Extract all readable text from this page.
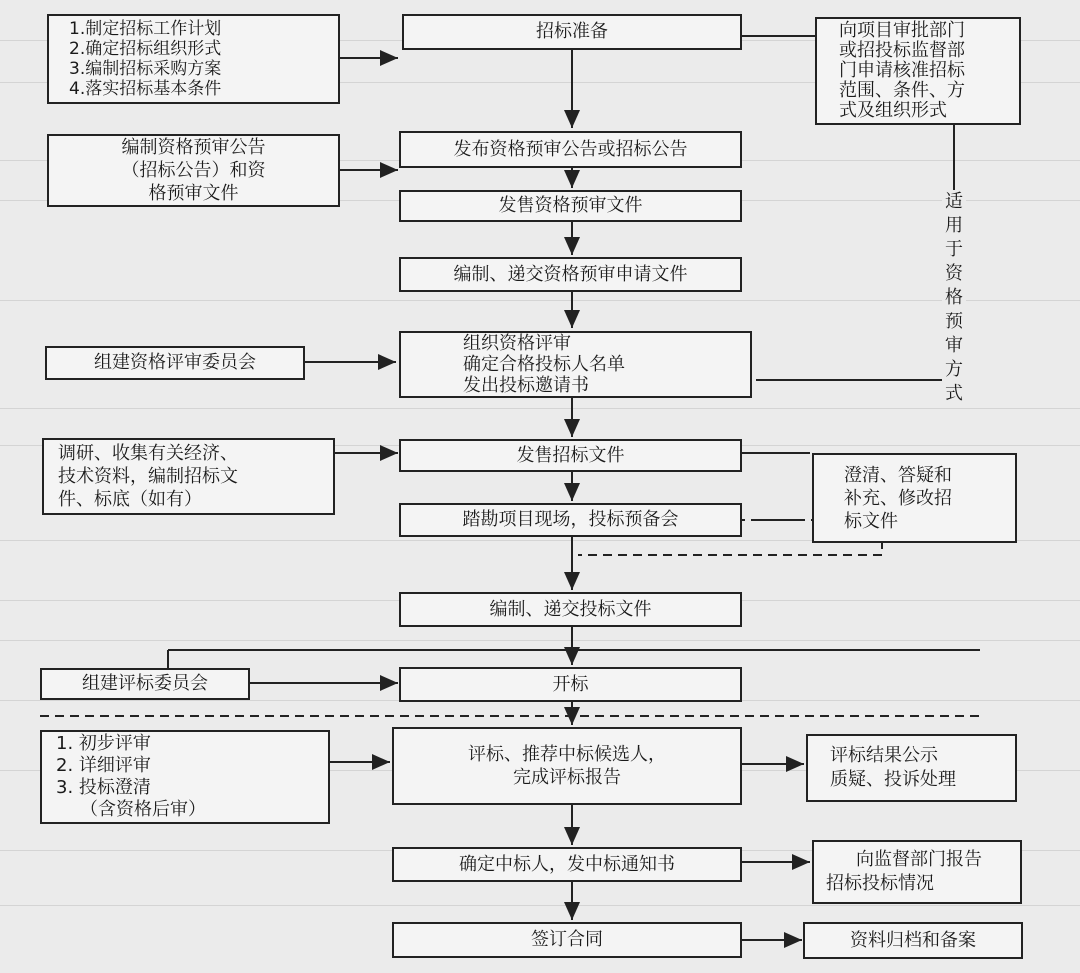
1.制定招标工作计划
2.确定招标组织形式
3.编制招标采购方案
4.落实招标基本条件
编制资格预审公告
（招标公告）和资
格预审文件
组建资格评审委员会
调研、收集有关经济、
技术资料，编制招标文
件、标底（如有）
组建评标委员会
1. 初步评审
2. 详细评审
3. 投标澄清
（含资格后审）
招标准备
发布资格预审公告或招标公告
发售资格预审文件
编制、递交资格预审申请文件
组织资格评审
确定合格投标人名单
发出投标邀请书
发售招标文件
踏勘项目现场，投标预备会
编制、递交投标文件
开标
评标、推荐中标候选人，
完成评标报告
确定中标人，发中标通知书
签订合同
向项目审批部门
或招投标监督部
门申请核准招标
范围、条件、方
式及组织形式
澄清、答疑和
补充、修改招
标文件
评标结果公示
质疑、投诉处理
向监督部门报告
招标投标情况
资料归档和备案
适用于资格预审方式
